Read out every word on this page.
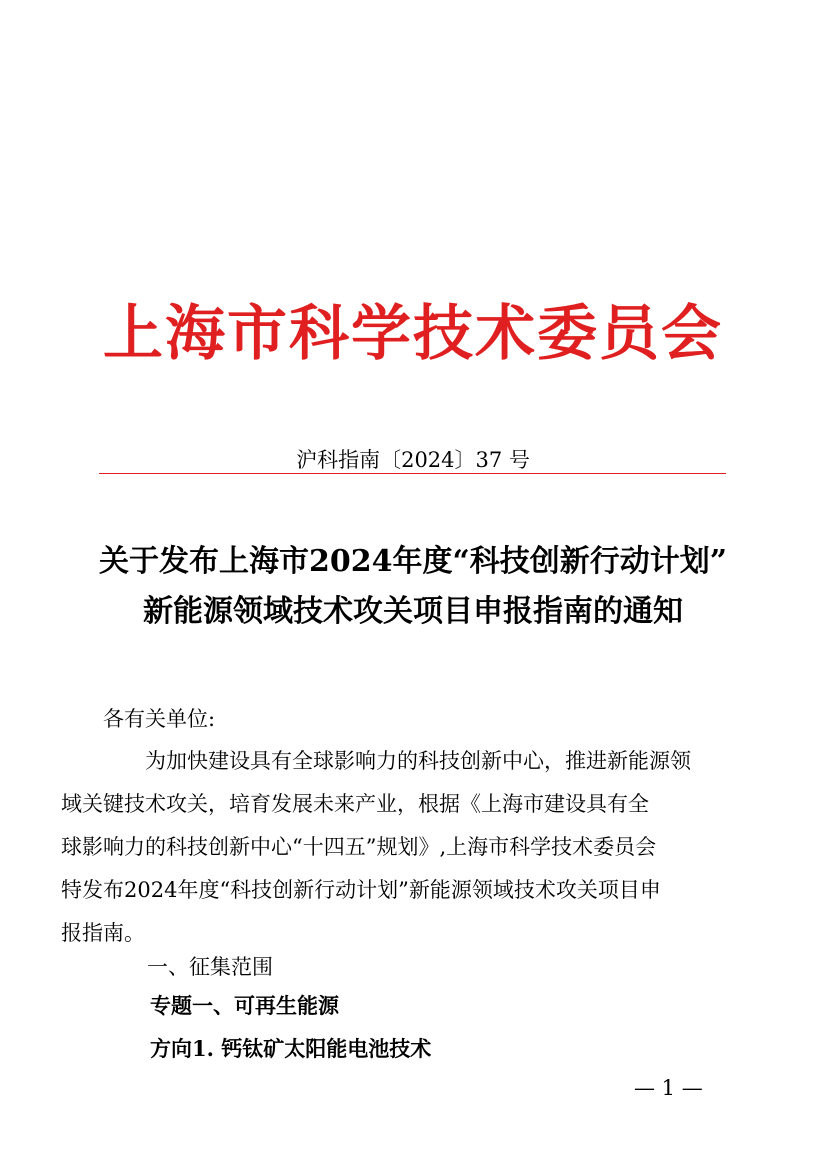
上海市科学技术委员会
沪科指南〔2024〕37 号
关于发布上海市2024年度“科技创新行动计划”
新能源领域技术攻关项目申报指南的通知
各有关单位:
为加快建设具有全球影响力的科技创新中心，推进新能源领
域关键技术攻关，培育发展未来产业，根据《上海市建设具有全
球影响力的科技创新中心“十四五”规划》,上海市科学技术委员会
特发布2024年度“科技创新行动计划”新能源领域技术攻关项目申
报指南。
一、征集范围
专题一、可再生能源
方向1. 钙钛矿太阳能电池技术
— 1 —
